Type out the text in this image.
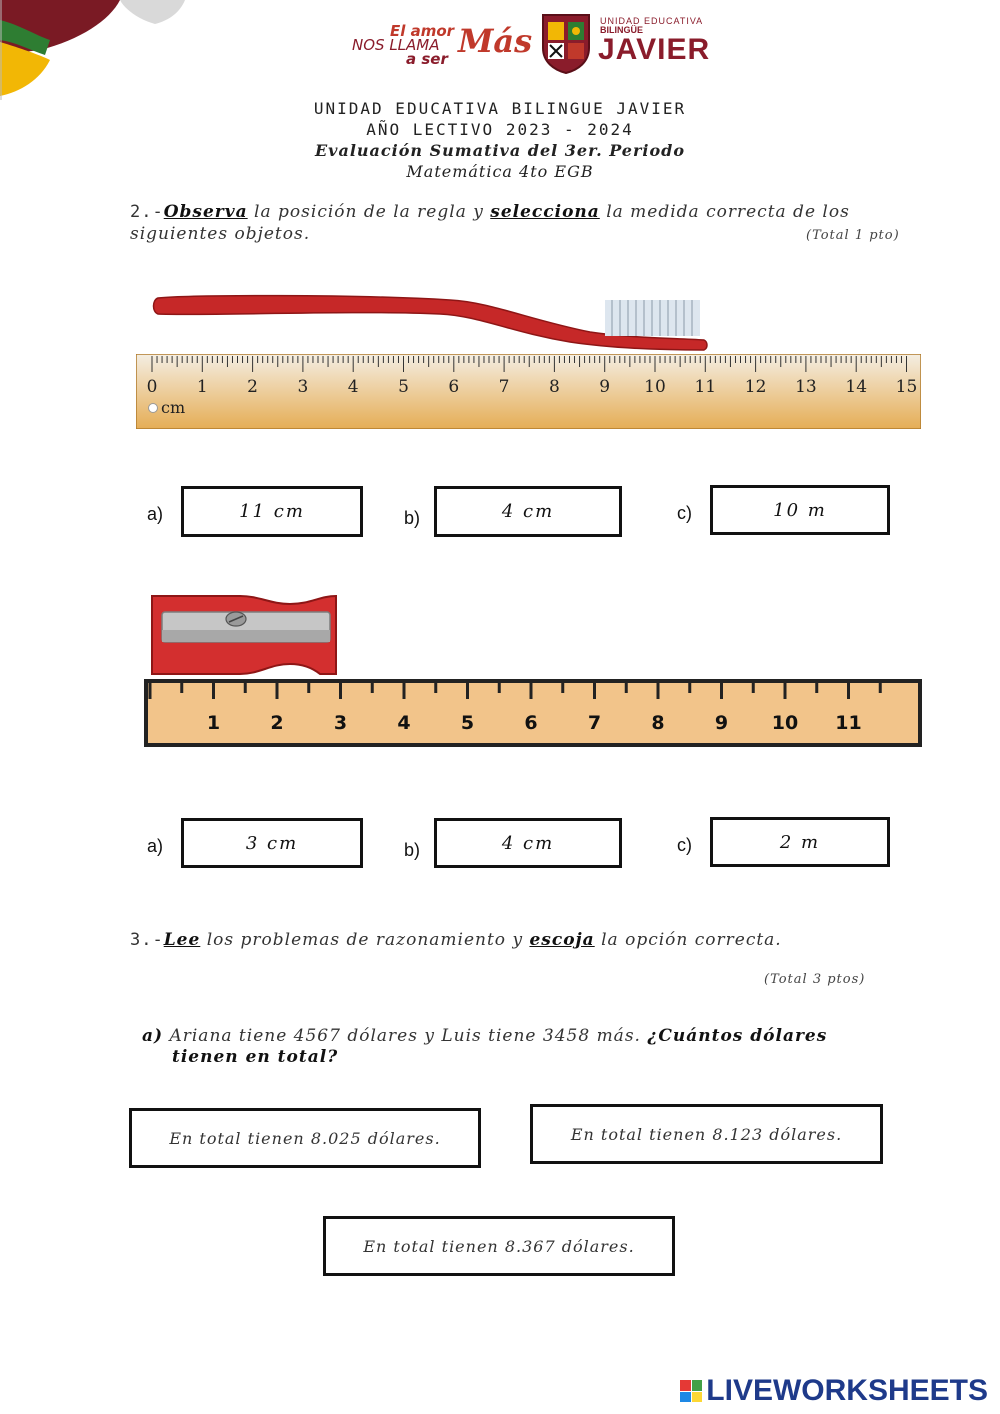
El amor
NOS LLAMA
a ser Más
UNIDAD EDUCATIVA
BILINGÜE
JAVIER
UNIDAD EDUCATIVA BILINGUE JAVIER
AÑO LECTIVO 2023 - 2024
Evaluación Sumativa del 3er. Periodo
Matemática 4to EGB
2.-Observa la posición de la regla y selecciona la medida correcta de los
siguientes objetos.	(Total 1 pto)
0 1 2 3 4 5 6 7 8 9 10 11 12 13 14 15
cm
a)	11 cm	b)	4 cm	c)	10 m
1	2	3	4	5	6	7	8	9 10 11
a)	3 cm	b)	4 cm	c)	2 m
3.-Lee los problemas de razonamiento y escoja la opción correcta.
(Total 3 ptos)
a) Ariana tiene 4567 dólares y Luis tiene 3458 más. ¿Cuántos dólares
tienen en total?
En total tienen 8.025 dólares.	En total tienen 8.123 dólares.
En total tienen 8.367 dólares.
LIVEWORKSHEETS
